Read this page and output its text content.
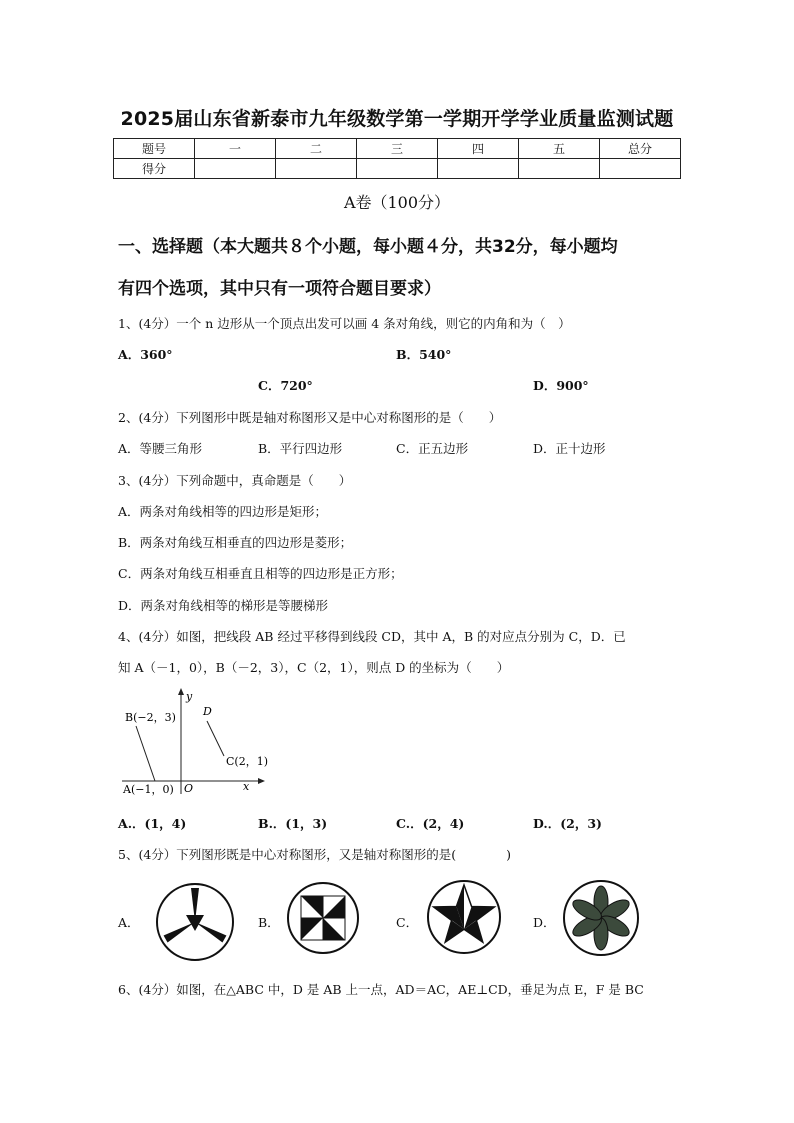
2025届山东省新泰市九年级数学第一学期开学学业质量监测试题
题号	一	二	三	四	五	总分
得分						
A卷（100分）
一、选择题（本大题共８个小题，每小题４分，共32分，每小题均
有四个选项，其中只有一项符合题目要求）
1、(4分）一个 n 边形从一个顶点出发可以画 4 条对角线，则它的内角和为（　）
A．360°	B．540°
C．720°	D．900°
2、(4分）下列图形中既是轴对称图形又是中心对称图形的是（　　）
A．等腰三角形	B．平行四边形	C．正五边形	D．正十边形
3、(4分）下列命题中，真命题是（　　）
A．两条对角线相等的四边形是矩形；
B．两条对角线互相垂直的四边形是菱形；
C．两条对角线互相垂直且相等的四边形是正方形；
D．两条对角线相等的梯形是等腰梯形
4、(4分）如图，把线段 AB 经过平移得到线段 CD，其中 A，B 的对应点分别为 C，D．已
知 A（－1，0），B（－2，3），C（2，1），则点 D 的坐标为（　　）
B(−2，3) D
C(2，1)
A(−1，0) O	x
y
A.．(1，4)	B.．(1，3)	C.．(2，4)	D.．(2，3)
5、(4分）下列图形既是中心对称图形，又是轴对称图形的是(　　　　)
A．	B．	C．	D．
6、(4分）如图，在△ABC 中，D 是 AB 上一点，AD＝AC，AE⊥CD，垂足为点 E，F 是 BC
